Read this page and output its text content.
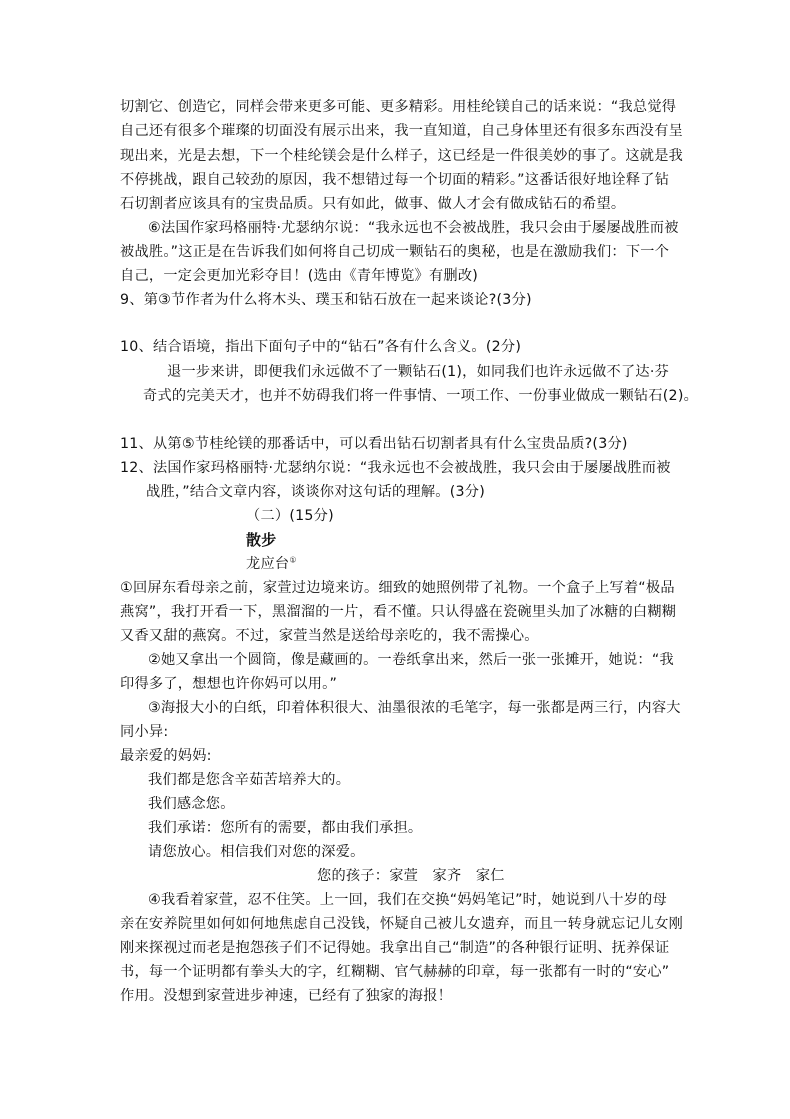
切割它、创造它，同样会带来更多可能、更多精彩。用桂纶镁自己的话来说：“我总觉得
自己还有很多个璀璨的切面没有展示出来，我一直知道，自己身体里还有很多东西没有呈
现出来，光是去想，下一个桂纶镁会是什么样子，这已经是一件很美妙的事了。这就是我
不停挑战，跟自己较劲的原因，我不想错过每一个切面的精彩。”这番话很好地诠释了钻
石切割者应该具有的宝贵品质。只有如此，做事、做人才会有做成钻石的希望。
⑥法国作家玛格丽特·尤瑟纳尔说：“我永远也不会被战胜，我只会由于屡屡战胜而被
被战胜。”这正是在告诉我们如何将自己切成一颗钻石的奥秘，也是在激励我们：下一个
自己，一定会更加光彩夺目！(选由《青年博览》有删改)
9、第③节作者为什么将木头、璞玉和钻石放在一起来谈论?(3分)
10、结合语境，指出下面句子中的“钻石”各有什么含义。(2分)
退一步来讲，即便我们永远做不了一颗钻石(1)，如同我们也许永远做不了达·芬
奇式的完美天才，也并不妨碍我们将一件事情、一项工作、一份事业做成一颗钻石(2)。
11、从第⑤节桂纶镁的那番话中，可以看出钻石切割者具有什么宝贵品质?(3分)
12、法国作家玛格丽特·尤瑟纳尔说：“我永远也不会被战胜，我只会由于屡屡战胜而被
战胜，”结合文章内容，谈谈你对这句话的理解。(3分)
（二）(15分)
散步
龙应台①
①回屏东看母亲之前，家萱过边境来访。细致的她照例带了礼物。一个盒子上写着“极品
燕窝”，我打开看一下，黑溜溜的一片，看不懂。只认得盛在瓷碗里头加了冰糖的白糊糊
又香又甜的燕窝。不过，家萱当然是送给母亲吃的，我不需操心。
②她又拿出一个圆筒，像是藏画的。一卷纸拿出来，然后一张一张摊开，她说：“我
印得多了，想想也许你妈可以用。”
③海报大小的白纸，印着体积很大、油墨很浓的毛笔字，每一张都是两三行，内容大
同小异:
最亲爱的妈妈:
我们都是您含辛茹苦培养大的。
我们感念您。
我们承诺：您所有的需要，都由我们承担。
请您放心。相信我们对您的深爱。
您的孩子：家萱　家齐　家仁
④我看着家萱，忍不住笑。上一回，我们在交换“妈妈笔记”时，她说到八十岁的母
亲在安养院里如何如何地焦虑自己没钱，怀疑自己被儿女遗弃，而且一转身就忘记儿女刚
刚来探视过而老是抱怨孩子们不记得她。我拿出自己“制造”的各种银行证明、抚养保证
书，每一个证明都有拳头大的字，红糊糊、官气赫赫的印章，每一张都有一时的“安心”
作用。没想到家萱进步神速，已经有了独家的海报！
